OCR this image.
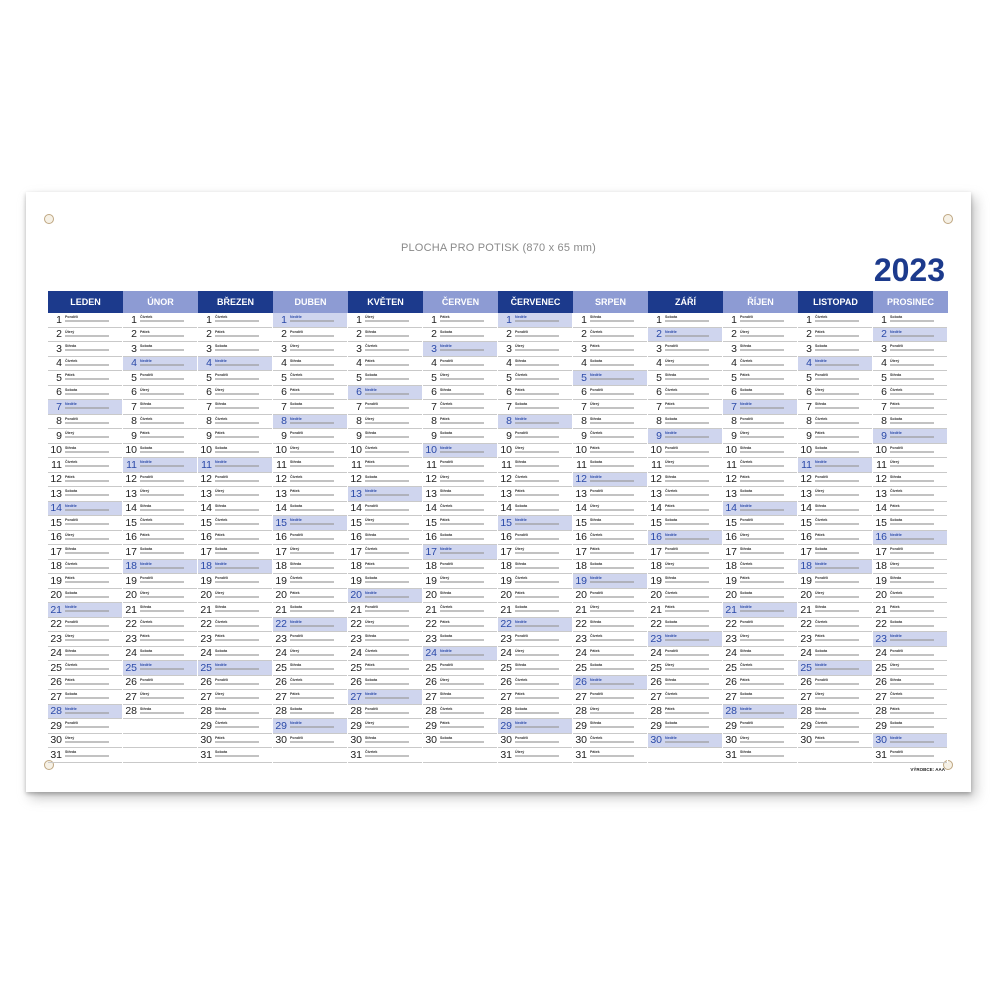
PLOCHA PRO POTISK (870 x 65 mm)
2023
LEDEN
1 Pondělí
2 Úterý
3 Středa
4 Čtvrtek
5 Pátek
6 Sobota
7 Neděle
8 Pondělí
9 Úterý
10 Středa
11 Čtvrtek
12 Pátek
13 Sobota
14 Neděle
15 Pondělí
16 Úterý
17 Středa
18 Čtvrtek
19 Pátek
20 Sobota
21 Neděle
22 Pondělí
23 Úterý
24 Středa
25 Čtvrtek
26 Pátek
27 Sobota
28 Neděle
29 Pondělí
30 Úterý
31 Středa
ÚNOR
1 Čtvrtek
2 Pátek
3 Sobota
4 Neděle
5 Pondělí
6 Úterý
7 Středa
8 Čtvrtek
9 Pátek
10 Sobota
11 Neděle
12 Pondělí
13 Úterý
14 Středa
15 Čtvrtek
16 Pátek
17 Sobota
18 Neděle
19 Pondělí
20 Úterý
21 Středa
22 Čtvrtek
23 Pátek
24 Sobota
25 Neděle
26 Pondělí
27 Úterý
28 Středa
BŘEZEN
1 Čtvrtek
2 Pátek
3 Sobota
4 Neděle
5 Pondělí
6 Úterý
7 Středa
8 Čtvrtek
9 Pátek
10 Sobota
11 Neděle
12 Pondělí
13 Úterý
14 Středa
15 Čtvrtek
16 Pátek
17 Sobota
18 Neděle
19 Pondělí
20 Úterý
21 Středa
22 Čtvrtek
23 Pátek
24 Sobota
25 Neděle
26 Pondělí
27 Úterý
28 Středa
29 Čtvrtek
30 Pátek
31 Sobota
DUBEN
1 Neděle
2 Pondělí
3 Úterý
4 Středa
5 Čtvrtek
6 Pátek
7 Sobota
8 Neděle
9 Pondělí
10 Úterý
11 Středa
12 Čtvrtek
13 Pátek
14 Sobota
15 Neděle
16 Pondělí
17 Úterý
18 Středa
19 Čtvrtek
20 Pátek
21 Sobota
22 Neděle
23 Pondělí
24 Úterý
25 Středa
26 Čtvrtek
27 Pátek
28 Sobota
29 Neděle
30 Pondělí
KVĚTEN
1 Úterý
2 Středa
3 Čtvrtek
4 Pátek
5 Sobota
6 Neděle
7 Pondělí
8 Úterý
9 Středa
10 Čtvrtek
11 Pátek
12 Sobota
13 Neděle
14 Pondělí
15 Úterý
16 Středa
17 Čtvrtek
18 Pátek
19 Sobota
20 Neděle
21 Pondělí
22 Úterý
23 Středa
24 Čtvrtek
25 Pátek
26 Sobota
27 Neděle
28 Pondělí
29 Úterý
30 Středa
31 Čtvrtek
ČERVEN
1 Pátek
2 Sobota
3 Neděle
4 Pondělí
5 Úterý
6 Středa
7 Čtvrtek
8 Pátek
9 Sobota
10 Neděle
11 Pondělí
12 Úterý
13 Středa
14 Čtvrtek
15 Pátek
16 Sobota
17 Neděle
18 Pondělí
19 Úterý
20 Středa
21 Čtvrtek
22 Pátek
23 Sobota
24 Neděle
25 Pondělí
26 Úterý
27 Středa
28 Čtvrtek
29 Pátek
30 Sobota
ČERVENEC
1 Neděle
2 Pondělí
3 Úterý
4 Středa
5 Čtvrtek
6 Pátek
7 Sobota
8 Neděle
9 Pondělí
10 Úterý
11 Středa
12 Čtvrtek
13 Pátek
14 Sobota
15 Neděle
16 Pondělí
17 Úterý
18 Středa
19 Čtvrtek
20 Pátek
21 Sobota
22 Neděle
23 Pondělí
24 Úterý
25 Středa
26 Čtvrtek
27 Pátek
28 Sobota
29 Neděle
30 Pondělí
31 Úterý
SRPEN
1 Středa
2 Čtvrtek
3 Pátek
4 Sobota
5 Neděle
6 Pondělí
7 Úterý
8 Středa
9 Čtvrtek
10 Pátek
11 Sobota
12 Neděle
13 Pondělí
14 Úterý
15 Středa
16 Čtvrtek
17 Pátek
18 Sobota
19 Neděle
20 Pondělí
21 Úterý
22 Středa
23 Čtvrtek
24 Pátek
25 Sobota
26 Neděle
27 Pondělí
28 Úterý
29 Středa
30 Čtvrtek
31 Pátek
ZÁŘÍ
1 Sobota
2 Neděle
3 Pondělí
4 Úterý
5 Středa
6 Čtvrtek
7 Pátek
8 Sobota
9 Neděle
10 Pondělí
11 Úterý
12 Středa
13 Čtvrtek
14 Pátek
15 Sobota
16 Neděle
17 Pondělí
18 Úterý
19 Středa
20 Čtvrtek
21 Pátek
22 Sobota
23 Neděle
24 Pondělí
25 Úterý
26 Středa
27 Čtvrtek
28 Pátek
29 Sobota
30 Neděle
ŘÍJEN
1 Pondělí
2 Úterý
3 Středa
4 Čtvrtek
5 Pátek
6 Sobota
7 Neděle
8 Pondělí
9 Úterý
10 Středa
11 Čtvrtek
12 Pátek
13 Sobota
14 Neděle
15 Pondělí
16 Úterý
17 Středa
18 Čtvrtek
19 Pátek
20 Sobota
21 Neděle
22 Pondělí
23 Úterý
24 Středa
25 Čtvrtek
26 Pátek
27 Sobota
28 Neděle
29 Pondělí
30 Úterý
31 Středa
LISTOPAD
1 Čtvrtek
2 Pátek
3 Sobota
4 Neděle
5 Pondělí
6 Úterý
7 Středa
8 Čtvrtek
9 Pátek
10 Sobota
11 Neděle
12 Pondělí
13 Úterý
14 Středa
15 Čtvrtek
16 Pátek
17 Sobota
18 Neděle
19 Pondělí
20 Úterý
21 Středa
22 Čtvrtek
23 Pátek
24 Sobota
25 Neděle
26 Pondělí
27 Úterý
28 Středa
29 Čtvrtek
30 Pátek
PROSINEC
1 Sobota
2 Neděle
3 Pondělí
4 Úterý
5 Středa
6 Čtvrtek
7 Pátek
8 Sobota
9 Neděle
10 Pondělí
11 Úterý
12 Středa
13 Čtvrtek
14 Pátek
15 Sobota
16 Neděle
17 Pondělí
18 Úterý
19 Středa
20 Čtvrtek
21 Pátek
22 Sobota
23 Neděle
24 Pondělí
25 Úterý
26 Středa
27 Čtvrtek
28 Pátek
29 Sobota
30 Neděle
31 Pondělí
VÝROBCE: AAA
